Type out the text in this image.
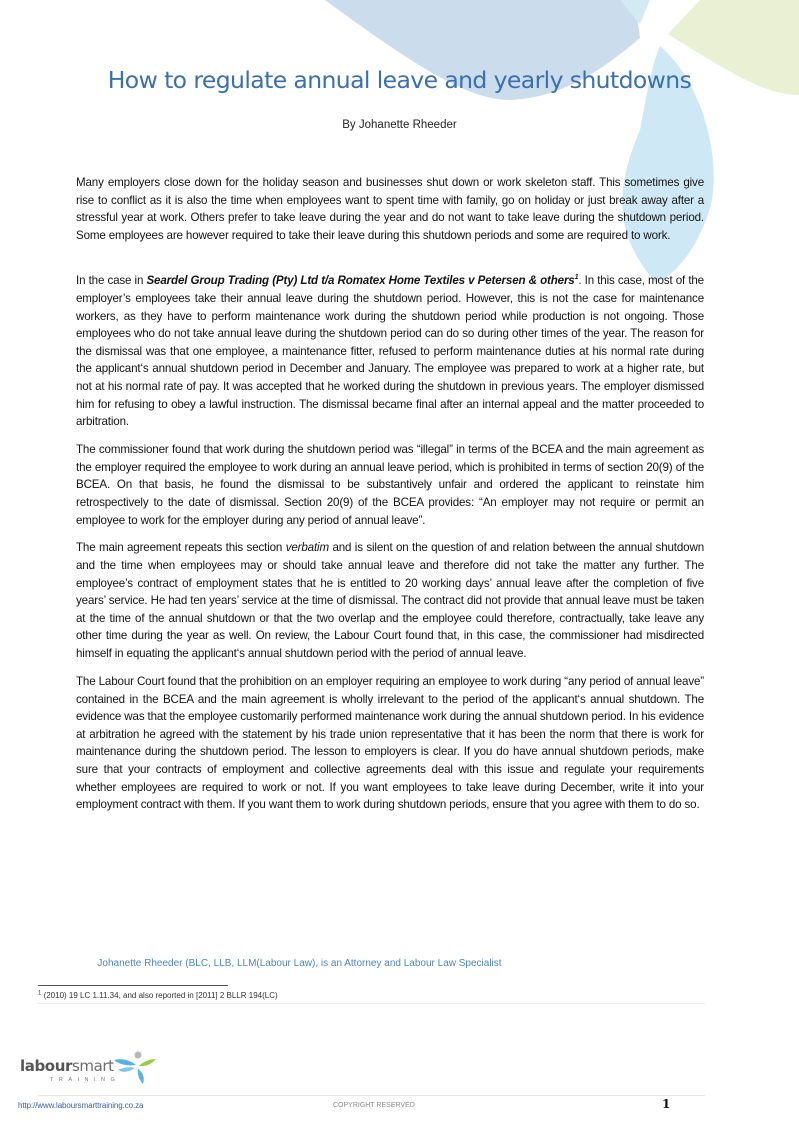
How to regulate annual leave and yearly shutdowns
By Johanette Rheeder

Many employers close down for the holiday season and businesses shut down or work skeleton staff. This sometimes give rise to conflict as it is also the time when employees want to spent time with family, go on holiday or just break away after a stressful year at work. Others prefer to take leave during the year and do not want to take leave during the shutdown period. Some employees are however required to take their leave during this shutdown periods and some are required to work.

In the case in Seardel Group Trading (Pty) Ltd t/a Romatex Home Textiles v Petersen & others$^1$. In this case, most of the employer’s employees take their annual leave during the shutdown period. However, this is not the case for maintenance workers, as they have to perform maintenance work during the shutdown period while production is not ongoing. Those employees who do not take annual leave during the shutdown period can do so during other times of the year. The reason for the dismissal was that one employee, a maintenance fitter, refused to perform maintenance duties at his normal rate during the applicant‘s annual shutdown period in December and January. The employee was prepared to work at a higher rate, but not at his normal rate of pay. It was accepted that he worked during the shutdown in previous years. The employer dismissed him for refusing to obey a lawful instruction. The dismissal became final after an internal appeal and the matter proceeded to arbitration.

The commissioner found that work during the shutdown period was “illegal” in terms of the BCEA and the main agreement as the employer required the employee to work during an annual leave period, which is prohibited in terms of section 20(9) of the BCEA. On that basis, he found the dismissal to be substantively unfair and ordered the applicant to reinstate him retrospectively to the date of dismissal. Section 20(9) of the BCEA provides: “An employer may not require or permit an employee to work for the employer during any period of annual leave”.

The main agreement repeats this section verbatim and is silent on the question of and relation between the annual shutdown and the time when employees may or should take annual leave and therefore did not take the matter any further. The employee’s contract of employment states that he is entitled to 20 working days’ annual leave after the completion of five years’ service. He had ten years’ service at the time of dismissal. The contract did not provide that annual leave must be taken at the time of the annual shutdown or that the two overlap and the employee could therefore, contractually, take leave any other time during the year as well. On review, the Labour Court found that, in this case, the commissioner had misdirected himself in equating the applicant‘s annual shutdown period with the period of annual leave.

The Labour Court found that the prohibition on an employer requiring an employee to work during “any period of annual leave” contained in the BCEA and the main agreement is wholly irrelevant to the period of the applicant‘s annual shutdown. The evidence was that the employee customarily performed maintenance work during the annual shutdown period. In his evidence at arbitration he agreed with the statement by his trade union representative that it has been the norm that there is work for maintenance during the shutdown period. The lesson to employers is clear. If you do have annual shutdown periods, make sure that your contracts of employment and collective agreements deal with this issue and regulate your requirements whether employees are required to work or not. If you want employees to take leave during December, write it into your employment contract with them. If you want them to work during shutdown periods, ensure that you agree with them to do so.

Johanette Rheeder (BLC, LLB, LLM(Labour Law), is an Attorney and Labour Law Specialist
$^1$ (2010) 19 LC 1.11.34, and also reported in [2011] 2 BLLR 194(LC)
laboursmart
TRAINING
http://www.laboursmarttraining.co.za	COPYRIGHT RESERVED	1
